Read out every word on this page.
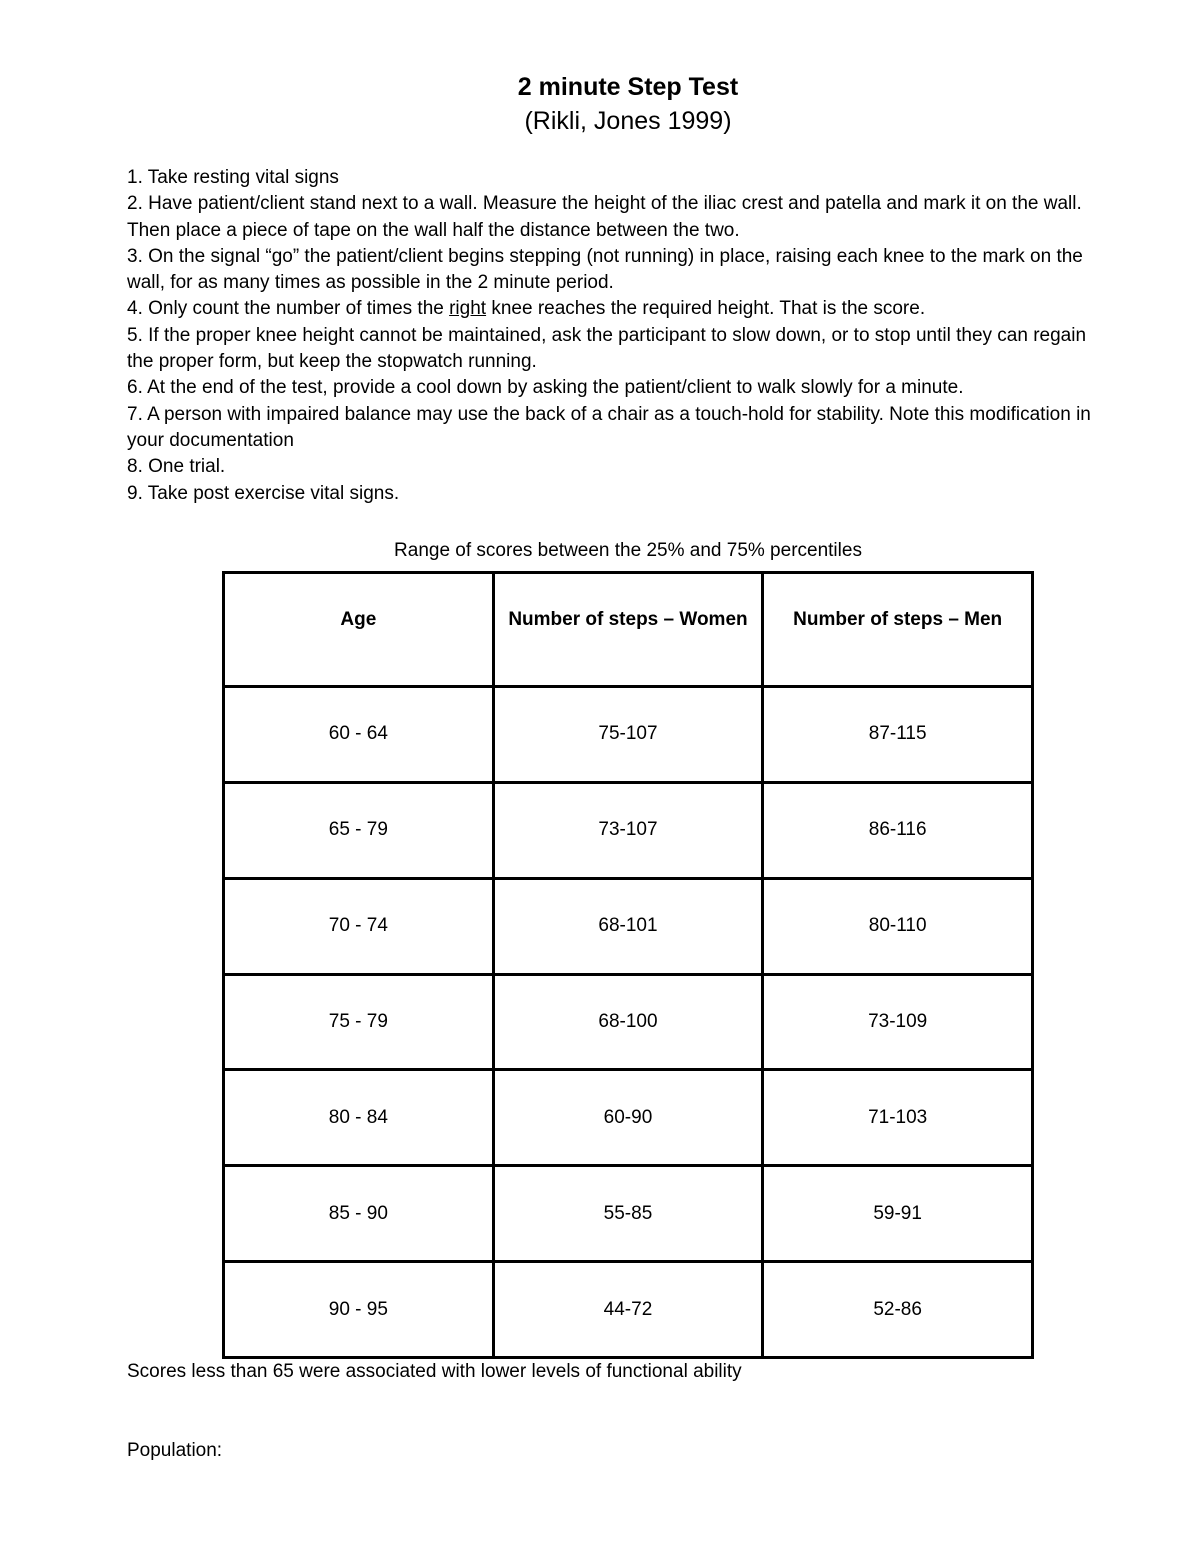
2 minute Step Test
(Rikli, Jones 1999)
1. Take resting vital signs
2. Have patient/client stand next to a wall. Measure the height of the iliac crest and patella and mark it on the wall. Then place a piece of tape on the wall half the distance between the two.
3. On the signal “go” the patient/client begins stepping (not running) in place, raising each knee to the mark on the wall, for as many times as possible in the 2 minute period.
4. Only count the number of times the right knee reaches the required height. That is the score.
5. If the proper knee height cannot be maintained, ask the participant to slow down, or to stop until they can regain the proper form, but keep the stopwatch running.
6. At the end of the test, provide a cool down by asking the patient/client to walk slowly for a minute.
7. A person with impaired balance may use the back of a chair as a touch-hold for stability. Note this modification in your documentation
8. One trial.
9. Take post exercise vital signs.
Range of scores between the 25% and 75% percentiles
Age	Number of steps – Women	Number of steps – Men
60 - 64	75-107	87-115
65 - 79	73-107	86-116
70 - 74	68-101	80-110
75 - 79	68-100	73-109
80 - 84	60-90	71-103
85 - 90	55-85	59-91
90 - 95	44-72	52-86
Scores less than 65 were associated with lower levels of functional ability
Population:
